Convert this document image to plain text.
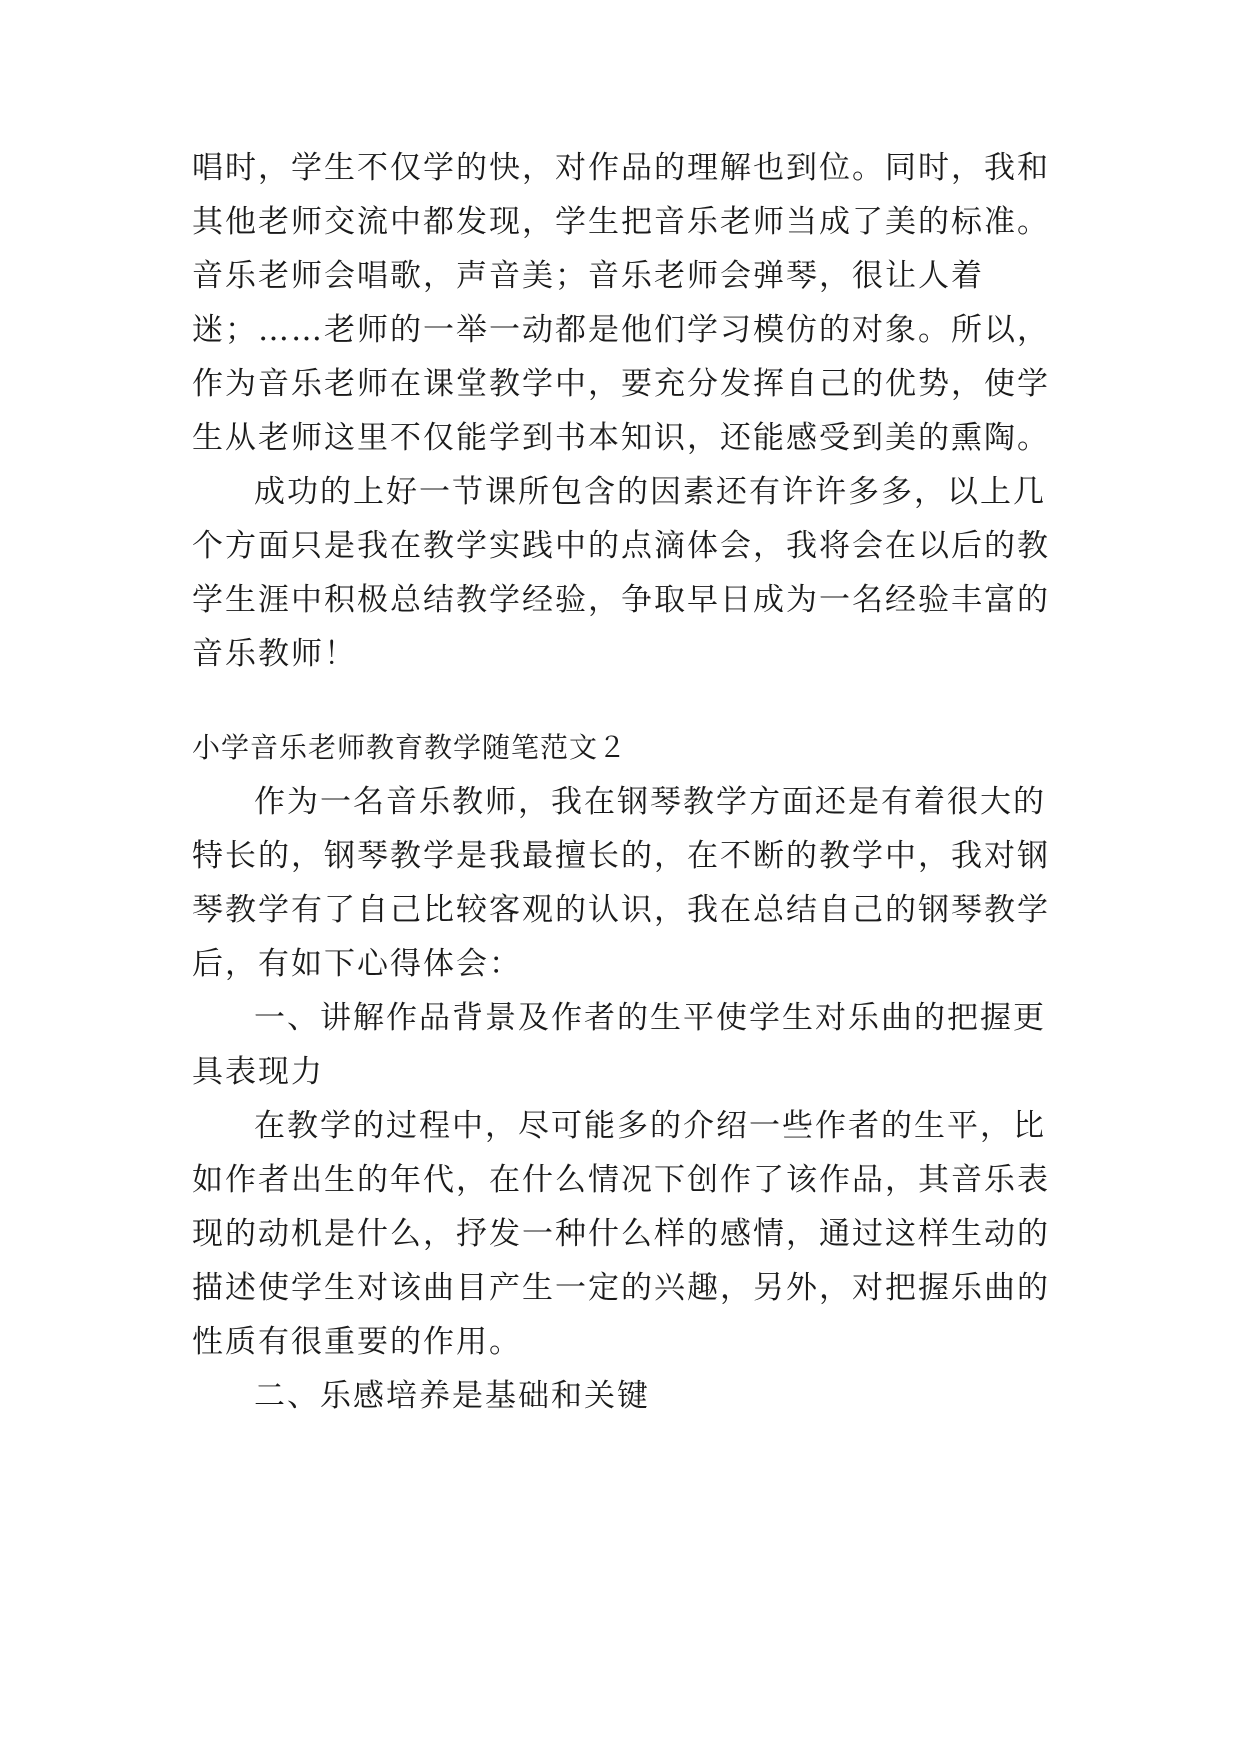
唱时，学生不仅学的快，对作品的理解也到位。同时，我和
其他老师交流中都发现，学生把音乐老师当成了美的标准。
音乐老师会唱歌，声音美；音乐老师会弹琴，很让人着
迷；……老师的一举一动都是他们学习模仿的对象。所以，
作为音乐老师在课堂教学中，要充分发挥自己的优势，使学
生从老师这里不仅能学到书本知识，还能感受到美的熏陶。
成功的上好一节课所包含的因素还有许许多多，以上几
个方面只是我在教学实践中的点滴体会，我将会在以后的教
学生涯中积极总结教学经验，争取早日成为一名经验丰富的
音乐教师！
小学音乐老师教育教学随笔范文２
作为一名音乐教师，我在钢琴教学方面还是有着很大的
特长的，钢琴教学是我最擅长的，在不断的教学中，我对钢
琴教学有了自己比较客观的认识，我在总结自己的钢琴教学
后，有如下心得体会：
一、讲解作品背景及作者的生平使学生对乐曲的把握更
具表现力
在教学的过程中，尽可能多的介绍一些作者的生平，比
如作者出生的年代，在什么情况下创作了该作品，其音乐表
现的动机是什么，抒发一种什么样的感情，通过这样生动的
描述使学生对该曲目产生一定的兴趣，另外，对把握乐曲的
性质有很重要的作用。
二、乐感培养是基础和关键
